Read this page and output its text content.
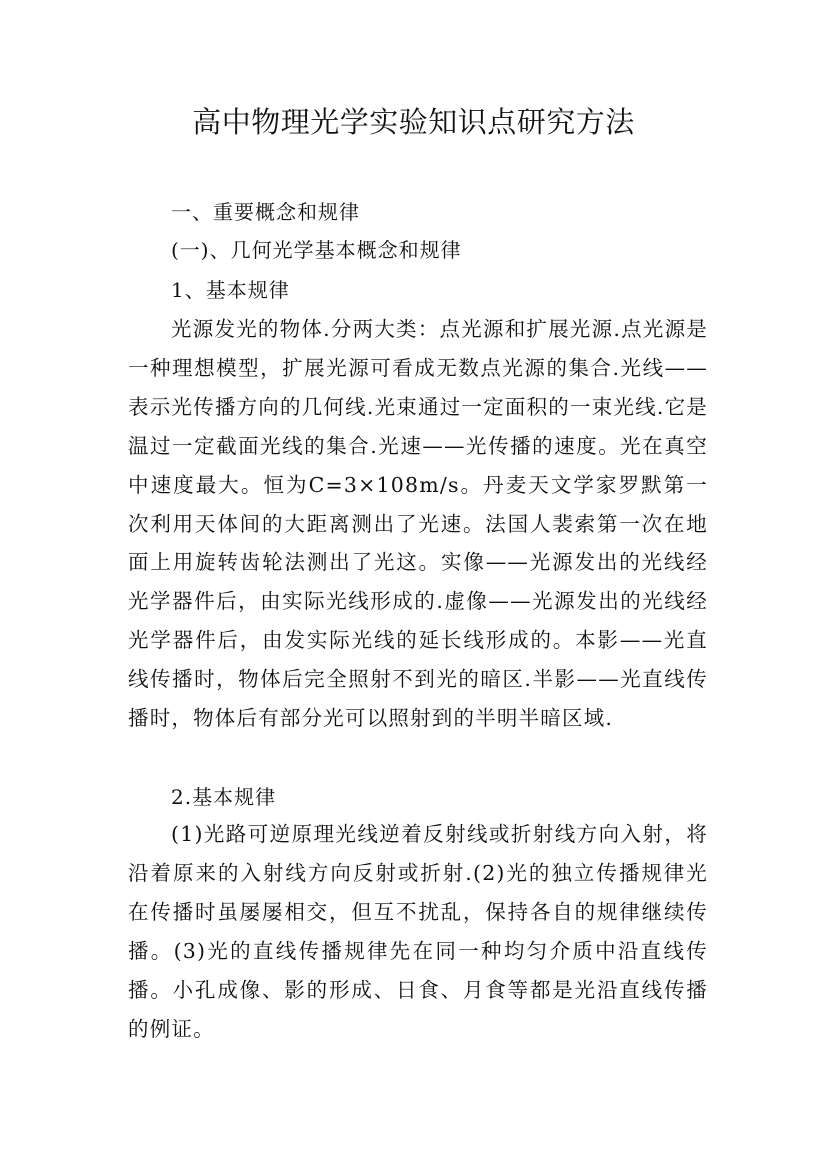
高中物理光学实验知识点研究方法
一、重要概念和规律
(一)、几何光学基本概念和规律
1、基本规律

光源发光的物体.分两大类：点光源和扩展光源.点光源是一种理想模型，扩展光源可看成无数点光源的集合.光线——表示光传播方向的几何线.光束通过一定面积的一束光线.它是温过一定截面光线的集合.光速——光传播的速度。光在真空中速度最大。恒为C=3×108m/s。丹麦天文学家罗默第一次利用天体间的大距离测出了光速。法国人裴索第一次在地面上用旋转齿轮法测出了光这。实像——光源发出的光线经光学器件后，由实际光线形成的.虚像——光源发出的光线经光学器件后，由发实际光线的延长线形成的。本影——光直线传播时，物体后完全照射不到光的暗区.半影——光直线传播时，物体后有部分光可以照射到的半明半暗区域.

2.基本规律

(1)光路可逆原理光线逆着反射线或折射线方向入射，将沿着原来的入射线方向反射或折射.(2)光的独立传播规律光在传播时虽屡屡相交，但互不扰乱，保持各自的规律继续传播。(3)光的直线传播规律先在同一种均匀介质中沿直线传播。小孔成像、影的形成、日食、月食等都是光沿直线传播的例证。
